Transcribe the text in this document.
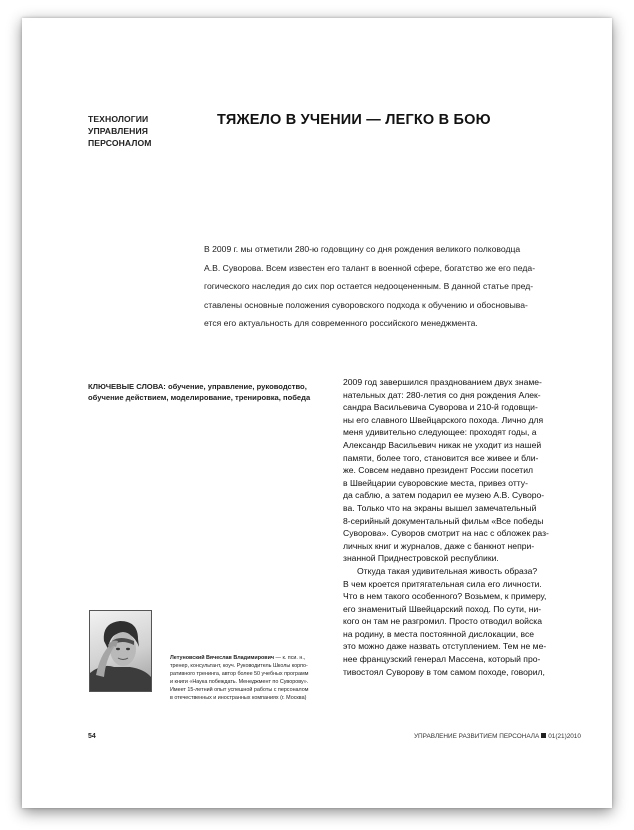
ТЕХНОЛОГИИ
УПРАВЛЕНИЯ
ПЕРСОНАЛОМ
ТЯЖЕЛО В УЧЕНИИ — ЛЕГКО В БОЮ
В 2009 г. мы отметили 280-ю годовщину со дня рождения великого полководца
А.В. Суворова. Всем известен его талант в военной сфере, богатство же его педа-
гогического наследия до сих пор остается недооцененным. В данной статье пред-
ставлены основные положения суворовского подхода к обучению и обосновыва-
ется его актуальность для современного российского менеджмента.
КЛЮЧЕВЫЕ СЛОВА: обучение, управление, руководство,
обучение действием, моделирование, тренировка, победа
2009 год завершился празднованием двух знаме-
нательных дат: 280-летия со дня рождения Алек-
сандра Васильевича Суворова и 210-й годовщи-
ны его славного Швейцарского похода. Лично для
меня удивительно следующее: проходят годы, а
Александр Васильевич никак не уходит из нашей
памяти, более того, становится все живее и бли-
же. Совсем недавно президент России посетил
в Швейцарии суворовские места, привез отту-
да саблю, а затем подарил ее музею А.В. Суворо-
ва. Только что на экраны вышел замечательный
8-серийный документальный фильм «Все победы
Суворова». Суворов смотрит на нас с обложек раз-
личных книг и журналов, даже с банкнот непри-
знанной Приднестровской республики.
Откуда такая удивительная живость образа?
В чем кроется притягательная сила его личности.
Что в нем такого особенного? Возьмем, к примеру,
его знаменитый Швейцарский поход. По сути, ни-
кого он там не разгромил. Просто отводил войска
на родину, в места постоянной дислокации, все
это можно даже назвать отступлением. Тем не ме-
нее французский генерал Массена, который про-
тивостоял Суворову в том самом походе, говорил,
Летуновский Вячеслав Владимирович — к. пси. н.,
тренер, консультант, коуч. Руководитель Школы корпо-
ративного тренинга, автор более 50 учебных программ
и книги «Наука побеждать. Менеджмент по Суворову».
Имеет 15-летний опыт успешной работы с персоналом
в отечественных и иностранных компаниях (г. Москва)
54	УПРАВЛЕНИЕ РАЗВИТИЕМ ПЕРСОНАЛА 01(21)2010
